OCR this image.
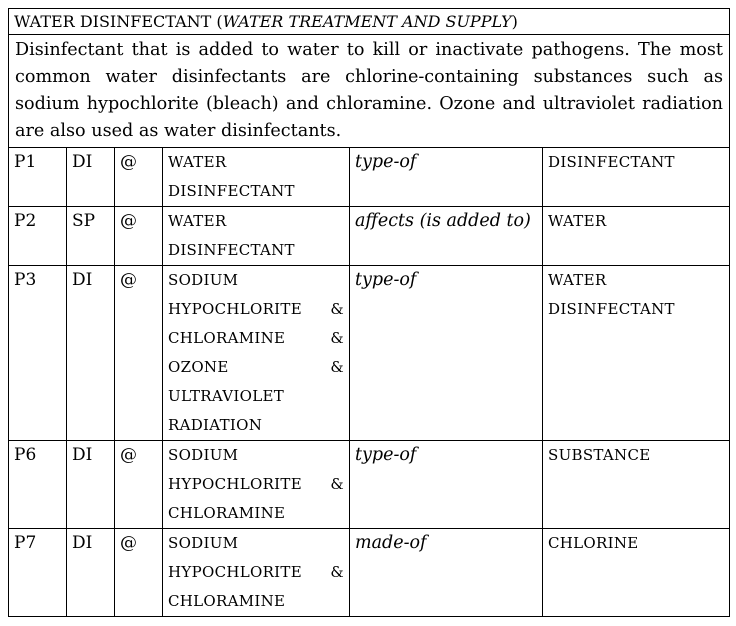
WATER DISINFECTANT (WATER TREATMENT AND SUPPLY)					
Disinfectant that is added to water to kill or inactivate pathogens. The most common water disinfectants are chlorine-containing substances such as sodium hypochlorite (bleach) and chloramine. Ozone and ultraviolet radiation are also used as water disinfectants.					
P1	DI	@	WATER DISINFECTANT	type-of	DISINFECTANT
P2	SP	@	WATER DISINFECTANT	affects (is added to)	WATER
P3	DI	@	SODIUM HYPOCHLORITE & CHLORAMINE & OZONE & ULTRAVIOLET RADIATION	type-of	WATER DISINFECTANT
P6	DI	@	SODIUM HYPOCHLORITE & CHLORAMINE	type-of	SUBSTANCE
P7	DI	@	SODIUM HYPOCHLORITE & CHLORAMINE	made-of	CHLORINE
